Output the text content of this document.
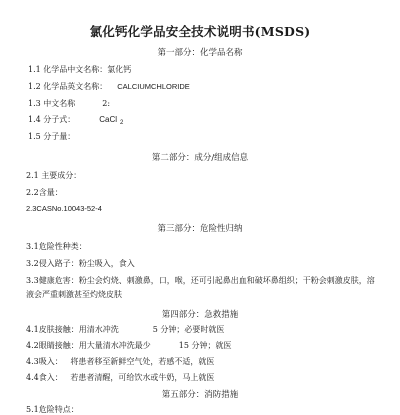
氯化钙化学品安全技术说明书(MSDS)
第一部分：化学品名称
1.1 化学品中文名称：氯化钙
1.2 化学品英文名称： CALCIUMCHLORIDE
1.3 中文名称	2:
1.4 分子式：	CaCl $_2$
1.5 分子量：
第二部分：成分/组成信息
2.1 主要成分：
2.2含量：
2.3CASNo.10043-52-4
第三部分：危险性归纳
3.1危险性种类：
3.2侵入路子：粉尘吸入，食入
3.3健康危害：粉尘会灼烧、刺激鼻，口，喉，还可引起鼻出血和破坏鼻组织；干粉会刺激皮肤，溶液会严重刺激甚至灼烧皮肤
第四部分：急救措施
4.1皮肤接触：用清水冲洗	5 分钟；必要时就医
4.2眼睛接触：用大量清水冲洗最少	15 分钟；就医
4.3吸入：   将患者移至新鲜空气处，若感不适，就医
4.4食入：   若患者清醒，可给饮水或牛奶，马上就医
第五部分：消防措施
5.1危险特点：
